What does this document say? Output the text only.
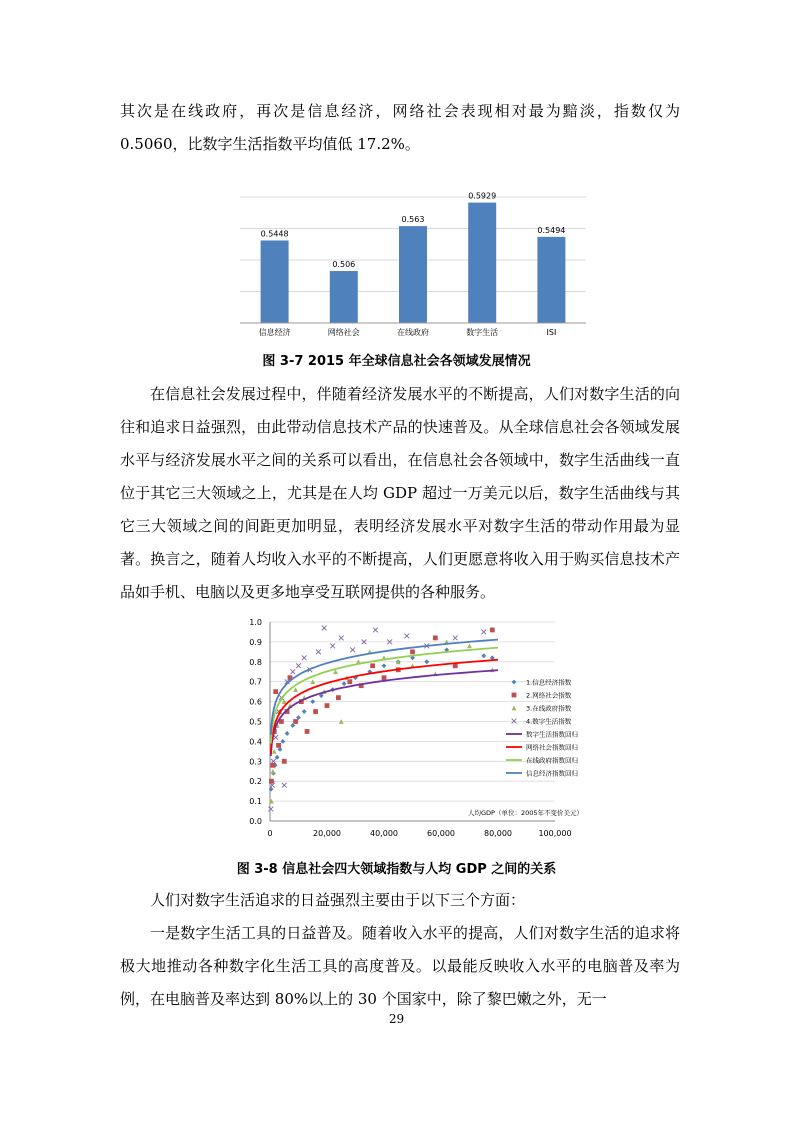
其次是在线政府，再次是信息经济，网络社会表现相对最为黯淡，指数仅为 0.5060，比数字生活指数平均值低 17.2%。

0.5448
0.506
0.563
0.5929
0.5494
信息经济	网络社会	在线政府	数字生活	ISI
图 3-7 2015 年全球信息社会各领域发展情况

在信息社会发展过程中，伴随着经济发展水平的不断提高，人们对数字生活的向往和追求日益强烈，由此带动信息技术产品的快速普及。从全球信息社会各领域发展水平与经济发展水平之间的关系可以看出，在信息社会各领域中，数字生活曲线一直位于其它三大领域之上，尤其是在人均 GDP 超过一万美元以后，数字生活曲线与其它三大领域之间的间距更加明显，表明经济发展水平对数字生活的带动作用最为显著。换言之，随着人均收入水平的不断提高，人们更愿意将收入用于购买信息技术产品如手机、电脑以及更多地享受互联网提供的各种服务。

0.0
0.1
0.2
0.3
0.4
0.5
0.6
0.7
0.8
0.9
1.0
0	20,000	40,000	60,000	80,000	100,000
1.信息经济指数
2.网络社会指数
3.在线政府指数
4.数字生活指数
数字生活指数回归
网络社会指数回归
在线政府指数回归
信息经济指数回归
人均GDP（单位：2005年不变价美元）
图 3-8 信息社会四大领域指数与人均 GDP 之间的关系

人们对数字生活追求的日益强烈主要由于以下三个方面：

一是数字生活工具的日益普及。随着收入水平的提高，人们对数字生活的追求将极大地推动各种数字化生活工具的高度普及。以最能反映收入水平的电脑普及率为例，在电脑普及率达到 80%以上的 30 个国家中，除了黎巴嫩之外，无一

29
